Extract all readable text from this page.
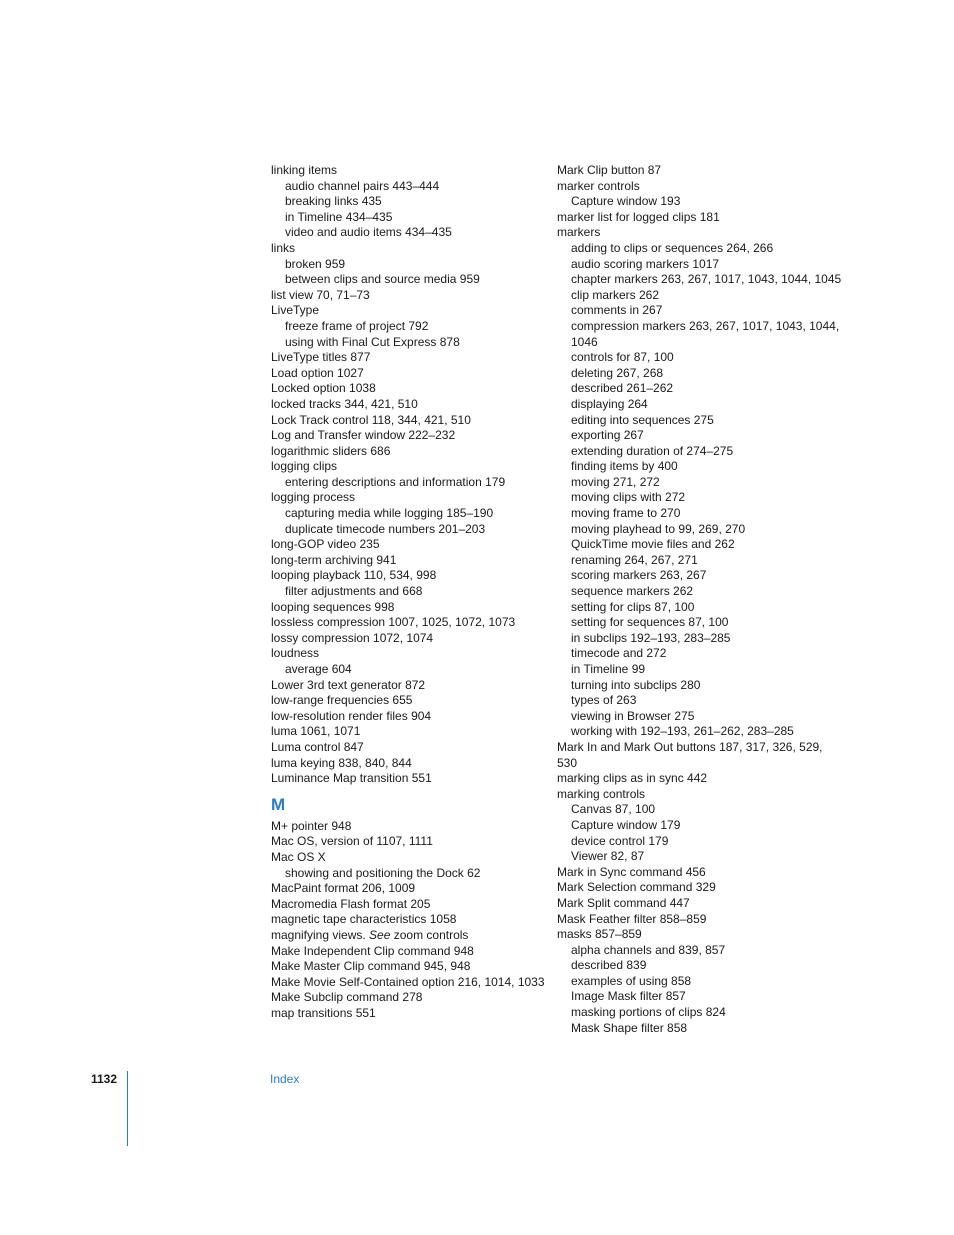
linking items
audio channel pairs 443–444
breaking links 435
in Timeline 434–435
video and audio items 434–435
links
broken 959
between clips and source media 959
list view 70, 71–73
LiveType
freeze frame of project 792
using with Final Cut Express 878
LiveType titles 877
Load option 1027
Locked option 1038
locked tracks 344, 421, 510
Lock Track control 118, 344, 421, 510
Log and Transfer window 222–232
logarithmic sliders 686
logging clips
entering descriptions and information 179
logging process
capturing media while logging 185–190
duplicate timecode numbers 201–203
long-GOP video 235
long-term archiving 941
looping playback 110, 534, 998
filter adjustments and 668
looping sequences 998
lossless compression 1007, 1025, 1072, 1073
lossy compression 1072, 1074
loudness
average 604
Lower 3rd text generator 872
low-range frequencies 655
low-resolution render files 904
luma 1061, 1071
Luma control 847
luma keying 838, 840, 844
Luminance Map transition 551
M
M+ pointer 948
Mac OS, version of 1107, 1111
Mac OS X
showing and positioning the Dock 62
MacPaint format 206, 1009
Macromedia Flash format 205
magnetic tape characteristics 1058
magnifying views. See zoom controls
Make Independent Clip command 948
Make Master Clip command 945, 948
Make Movie Self-Contained option 216, 1014, 1033
Make Subclip command 278
map transitions 551
Mark Clip button 87
marker controls
Capture window 193
marker list for logged clips 181
markers
adding to clips or sequences 264, 266
audio scoring markers 1017
chapter markers 263, 267, 1017, 1043, 1044, 1045
clip markers 262
comments in 267
compression markers 263, 267, 1017, 1043, 1044,
1046
controls for 87, 100
deleting 267, 268
described 261–262
displaying 264
editing into sequences 275
exporting 267
extending duration of 274–275
finding items by 400
moving 271, 272
moving clips with 272
moving frame to 270
moving playhead to 99, 269, 270
QuickTime movie files and 262
renaming 264, 267, 271
scoring markers 263, 267
sequence markers 262
setting for clips 87, 100
setting for sequences 87, 100
in subclips 192–193, 283–285
timecode and 272
in Timeline 99
turning into subclips 280
types of 263
viewing in Browser 275
working with 192–193, 261–262, 283–285
Mark In and Mark Out buttons 187, 317, 326, 529,
530
marking clips as in sync 442
marking controls
Canvas 87, 100
Capture window 179
device control 179
Viewer 82, 87
Mark in Sync command 456
Mark Selection command 329
Mark Split command 447
Mask Feather filter 858–859
masks 857–859
alpha channels and 839, 857
described 839
examples of using 858
Image Mask filter 857
masking portions of clips 824
Mask Shape filter 858
1132	Index
